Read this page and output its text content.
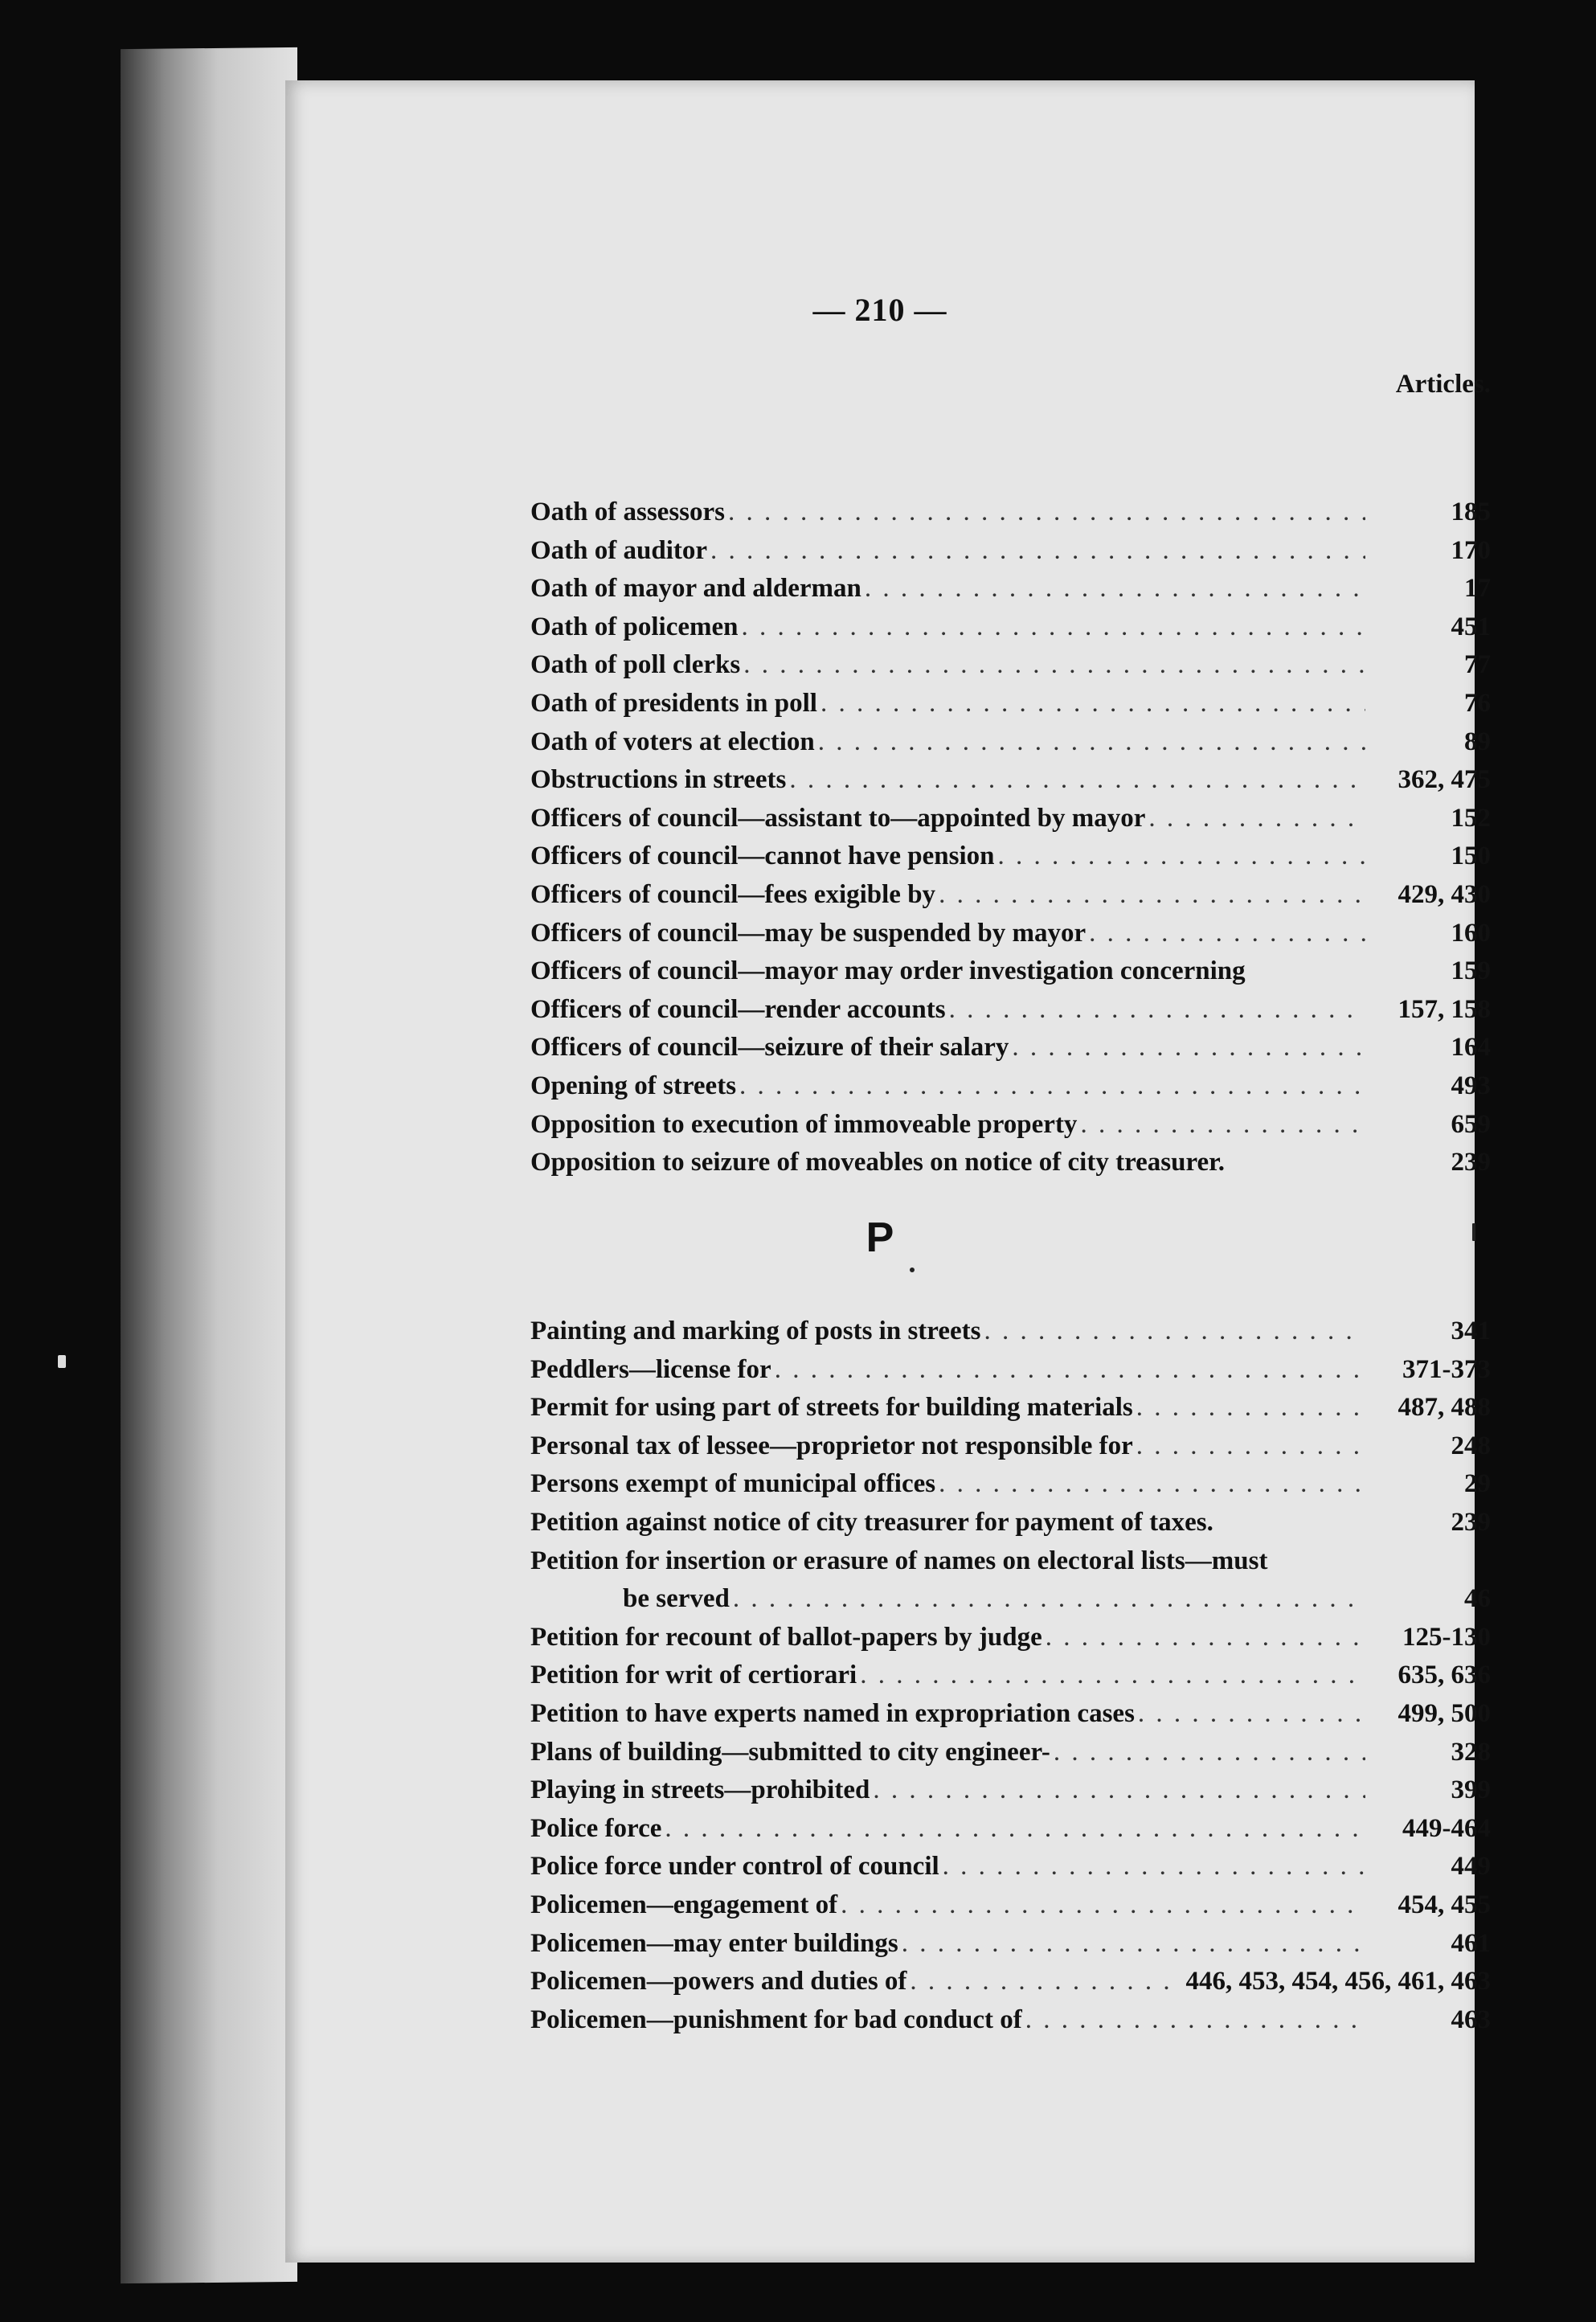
— 210 —
Articles.
Oath of assessors . . .	185
Oath of auditor . . .	170
Oath of mayor and alderman . . .	17
Oath of policemen . . .	451
Oath of poll clerks . . .	77
Oath of presidents in poll . . .	76
Oath of voters at election . . .	89
Obstructions in streets . . .	362, 475
Officers of council—assistant to—appointed by mayor . . .	152
Officers of council—cannot have pension . . .	150
Officers of council—fees exigible by . . .	429, 430
Officers of council—may be suspended by mayor . . .	160
Officers of council—mayor may order investigation concerning	159
Officers of council—render accounts . . .	157, 158
Officers of council—seizure of their salary . . .	164
Opening of streets . . .	493
Opposition to execution of immoveable property . . .	659
Opposition to seizure of moveables on notice of city treasurer.	239
P
Painting and marking of posts in streets . . .	341
Peddlers—license for . . .	371-373
Permit for using part of streets for building materials . . .	487, 488
Personal tax of lessee—proprietor not responsible for . . .	248
Persons exempt of municipal offices . . .	29
Petition against notice of city treasurer for payment of taxes.	239
Petition for insertion or erasure of names on electoral lists—must
be served . . .	46
Petition for recount of ballot-papers by judge . . .	125-130
Petition for writ of certiorari . . .	635, 636
Petition to have experts named in expropriation cases . . .	499, 500
Plans of building—submitted to city engineer- . . .	328
Playing in streets—prohibited . . .	399
Police force . . .	449-464
Police force under control of council . . .	449
Policemen—engagement of . . .	454, 455
Policemen—may enter buildings . . .	461
Policemen—powers and duties of . . .	446, 453, 454, 456, 461, 463
Policemen—punishment for bad conduct of . . .	463
